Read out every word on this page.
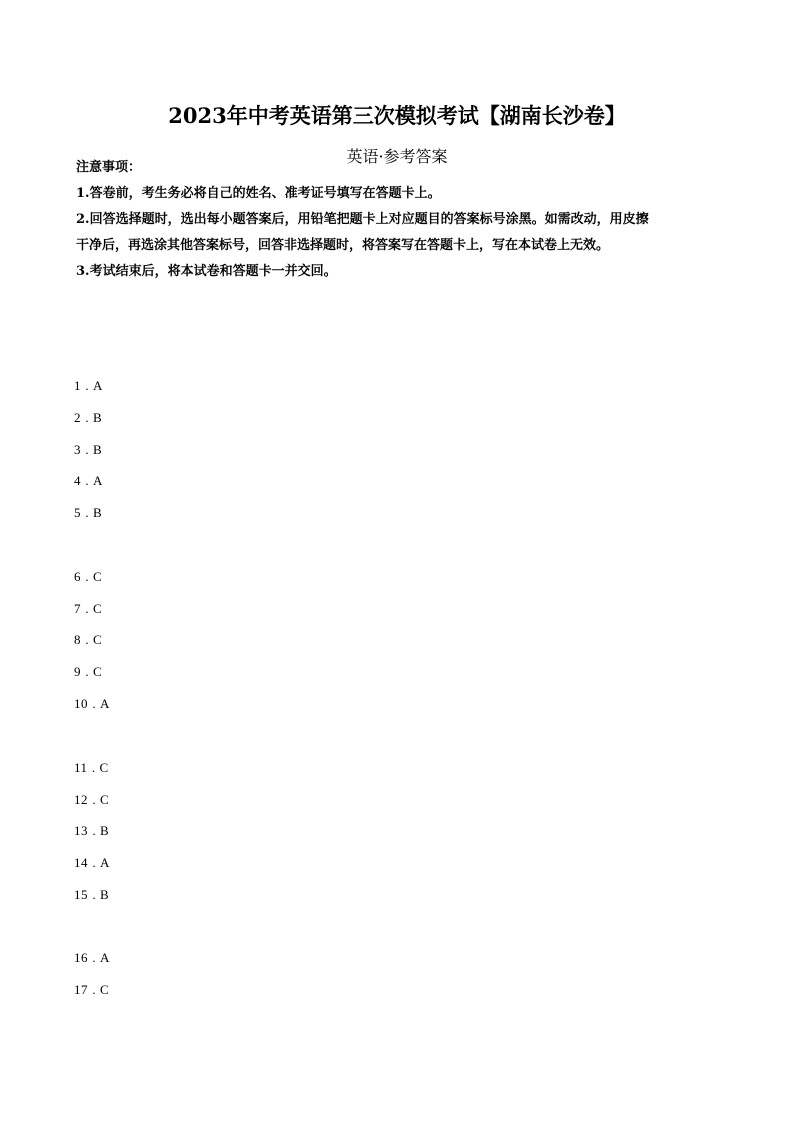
2023年中考英语第三次模拟考试【湖南长沙卷】
英语·参考答案
注意事项：
1.答卷前，考生务必将自己的姓名、准考证号填写在答题卡上。
2.回答选择题时，选出每小题答案后，用铅笔把题卡上对应题目的答案标号涂黑。如需改动，用皮擦
干净后，再选涂其他答案标号，回答非选择题时，将答案写在答题卡上，写在本试卷上无效。
3.考试结束后，将本试卷和答题卡一并交回。
1 . A
2 . B
3 . B
4 . A
5 . B
6 . C
7 . C
8 . C
9 . C
10 . A
11 . C
12 . C
13 . B
14 . A
15 . B
16 . A
17 . C
